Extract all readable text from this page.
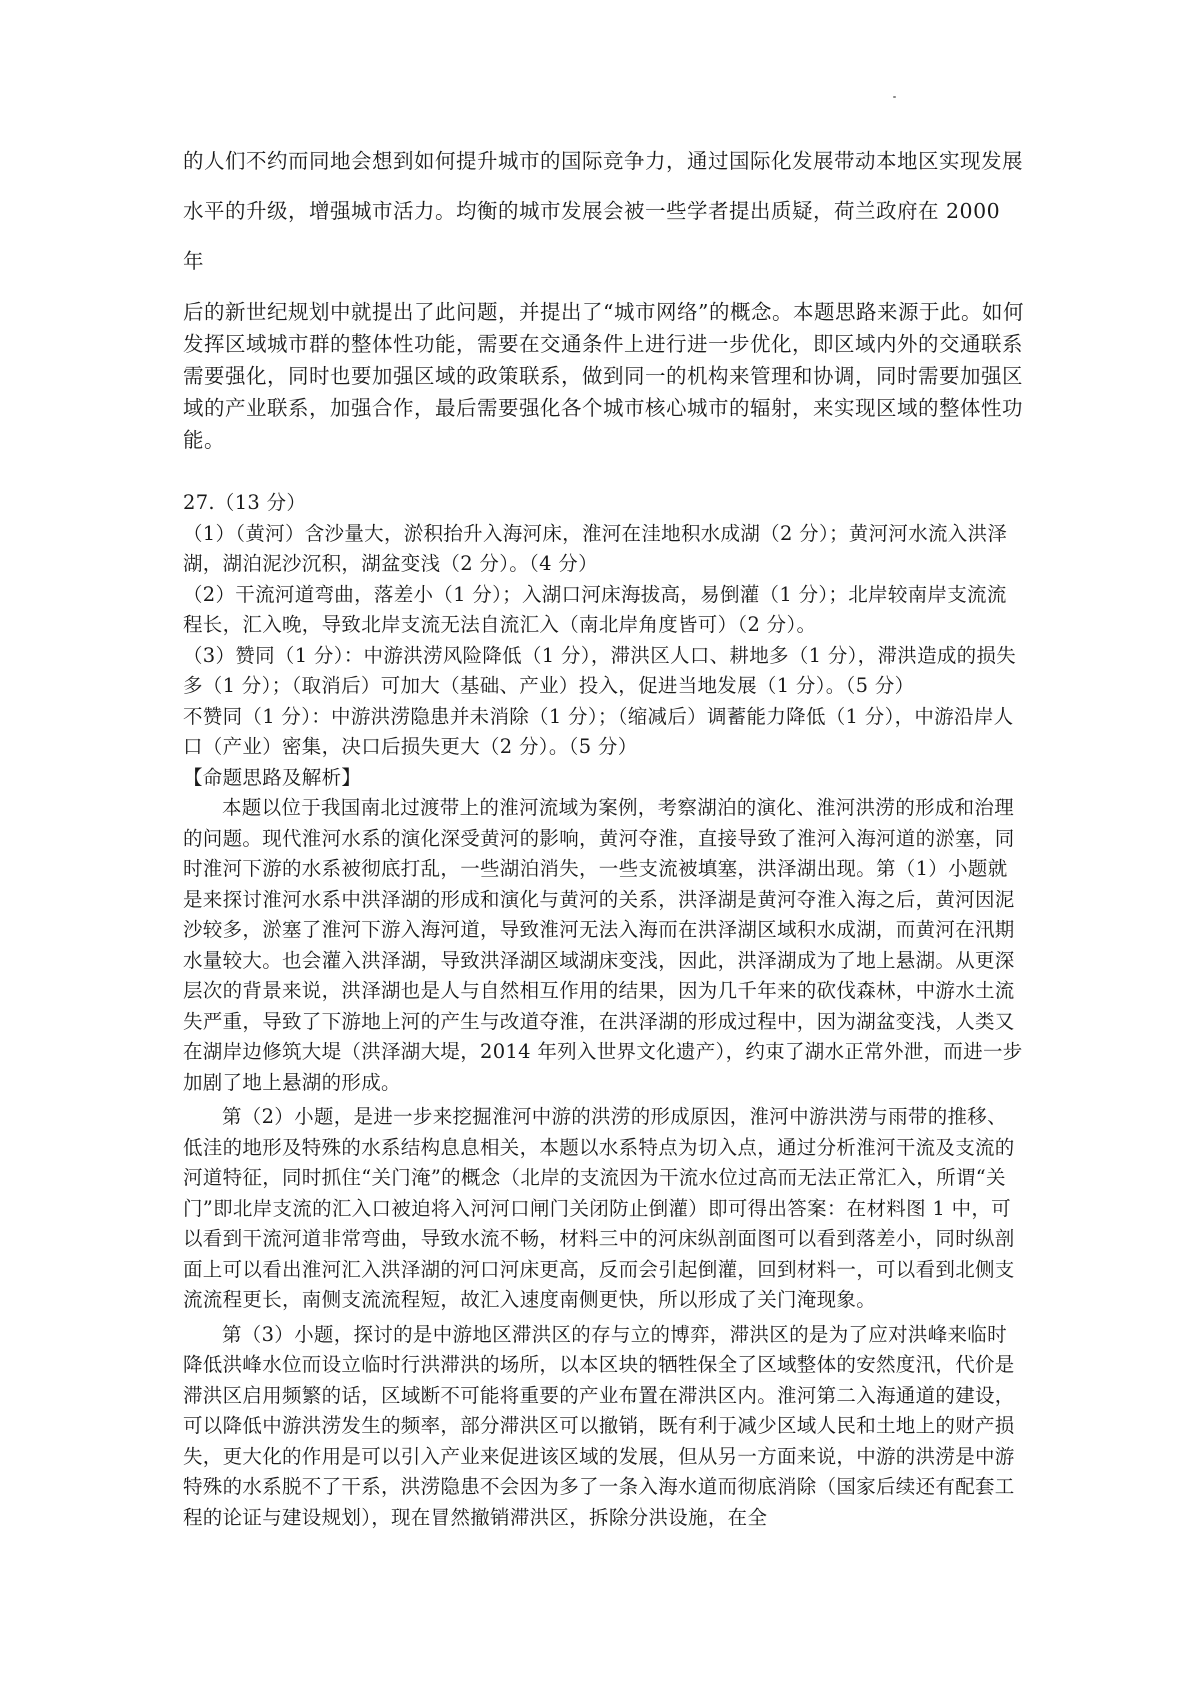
的人们不约而同地会想到如何提升城市的国际竞争力，通过国际化发展带动本地区实现发展

水平的升级，增强城市活力。均衡的城市发展会被一些学者提出质疑，荷兰政府在 2000 年

后的新世纪规划中就提出了此问题，并提出了“城市网络”的概念。本题思路来源于此。如何发挥区域城市群的整体性功能，需要在交通条件上进行进一步优化，即区域内外的交通联系需要强化，同时也要加强区域的政策联系，做到同一的机构来管理和协调，同时需要加强区域的产业联系，加强合作，最后需要强化各个城市核心城市的辐射，来实现区域的整体性功能。

27.（13 分）

（1）（黄河）含沙量大，淤积抬升入海河床，淮河在洼地积水成湖（2 分）；黄河河水流入洪泽湖，湖泊泥沙沉积，湖盆变浅（2 分）。（4 分）

（2）干流河道弯曲，落差小（1 分）；入湖口河床海拔高，易倒灌（1 分）；北岸较南岸支流流程长，汇入晚，导致北岸支流无法自流汇入（南北岸角度皆可）（2 分）。

（3）赞同（1 分）：中游洪涝风险降低（1 分），滞洪区人口、耕地多（1 分），滞洪造成的损失多（1 分）；（取消后）可加大（基础、产业）投入，促进当地发展（1 分）。（5 分）

不赞同（1 分）：中游洪涝隐患并未消除（1 分）；（缩减后）调蓄能力降低（1 分），中游沿岸人口（产业）密集，决口后损失更大（2 分）。（5 分）

【命题思路及解析】

本题以位于我国南北过渡带上的淮河流域为案例，考察湖泊的演化、淮河洪涝的形成和治理的问题。现代淮河水系的演化深受黄河的影响，黄河夺淮，直接导致了淮河入海河道的淤塞，同时淮河下游的水系被彻底打乱，一些湖泊消失，一些支流被填塞，洪泽湖出现。第（1）小题就是来探讨淮河水系中洪泽湖的形成和演化与黄河的关系，洪泽湖是黄河夺淮入海之后，黄河因泥沙较多，淤塞了淮河下游入海河道，导致淮河无法入海而在洪泽湖区域积水成湖，而黄河在汛期水量较大。也会灌入洪泽湖，导致洪泽湖区域湖床变浅，因此，洪泽湖成为了地上悬湖。从更深层次的背景来说，洪泽湖也是人与自然相互作用的结果，因为几千年来的砍伐森林，中游水土流失严重，导致了下游地上河的产生与改道夺淮，在洪泽湖的形成过程中，因为湖盆变浅，人类又在湖岸边修筑大堤（洪泽湖大堤，2014 年列入世界文化遗产），约束了湖水正常外泄，而进一步加剧了地上悬湖的形成。

第（2）小题，是进一步来挖掘淮河中游的洪涝的形成原因，淮河中游洪涝与雨带的推移、低洼的地形及特殊的水系结构息息相关，本题以水系特点为切入点，通过分析淮河干流及支流的河道特征，同时抓住“关门淹”的概念（北岸的支流因为干流水位过高而无法正常汇入，所谓“关门”即北岸支流的汇入口被迫将入河河口闸门关闭防止倒灌）即可得出答案：在材料图 1 中，可以看到干流河道非常弯曲，导致水流不畅，材料三中的河床纵剖面图可以看到落差小，同时纵剖面上可以看出淮河汇入洪泽湖的河口河床更高，反而会引起倒灌，回到材料一，可以看到北侧支流流程更长，南侧支流流程短，故汇入速度南侧更快，所以形成了关门淹现象。

第（3）小题，探讨的是中游地区滞洪区的存与立的博弈，滞洪区的是为了应对洪峰来临时降低洪峰水位而设立临时行洪滞洪的场所，以本区块的牺牲保全了区域整体的安然度汛，代价是滞洪区启用频繁的话，区域断不可能将重要的产业布置在滞洪区内。淮河第二入海通道的建设，可以降低中游洪涝发生的频率，部分滞洪区可以撤销，既有利于减少区域人民和土地上的财产损失，更大化的作用是可以引入产业来促进该区域的发展，但从另一方面来说，中游的洪涝是中游特殊的水系脱不了干系，洪涝隐患不会因为多了一条入海水道而彻底消除（国家后续还有配套工程的论证与建设规划），现在冒然撤销滞洪区，拆除分洪设施，在全
